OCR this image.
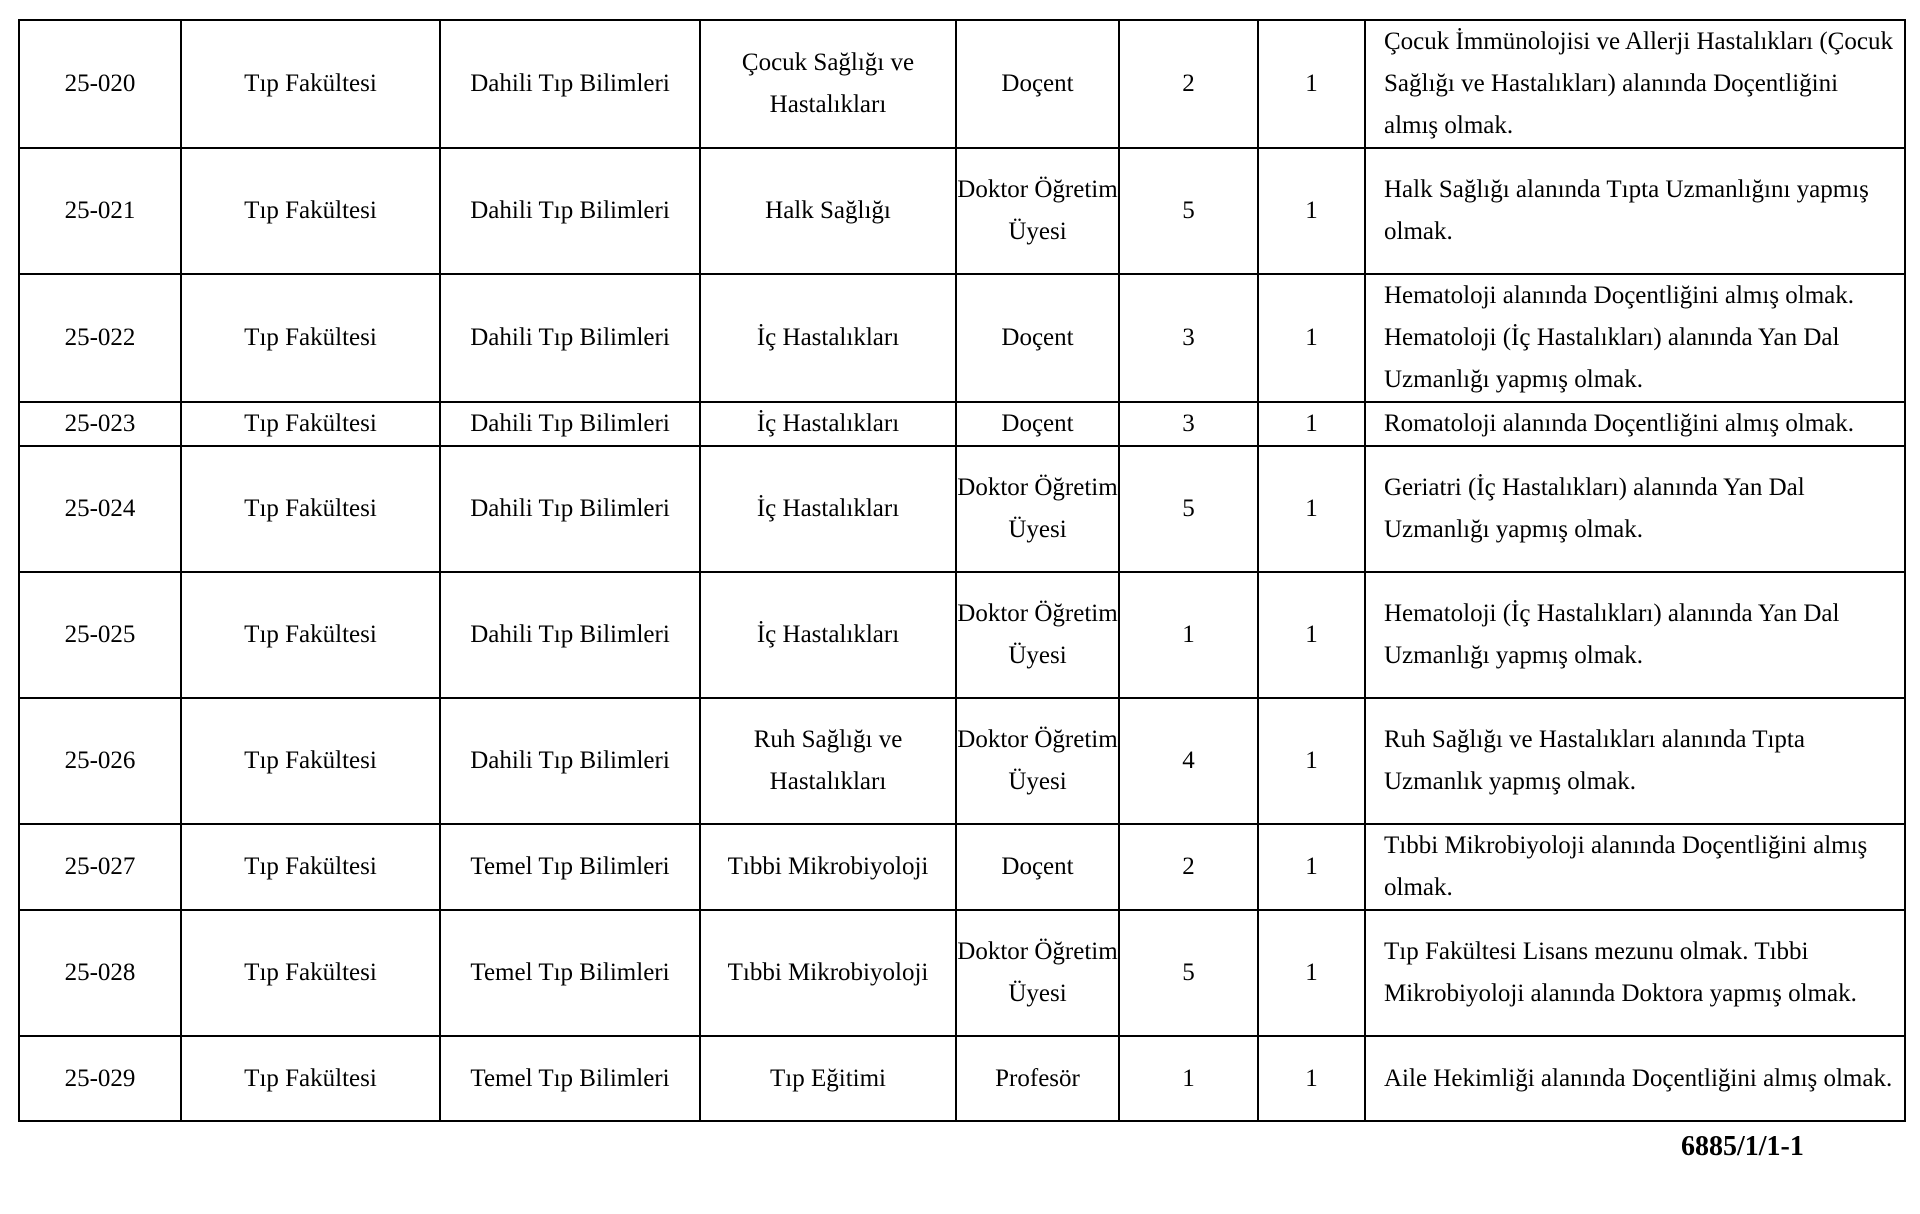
25-020	Tıp Fakültesi	Dahili Tıp Bilimleri	Çocuk Sağlığı ve Hastalıkları	Doçent	2	1	Çocuk İmmünolojisi ve Allerji Hastalıkları (Çocuk Sağlığı ve Hastalıkları) alanında Doçentliğini almış olmak.
25-021	Tıp Fakültesi	Dahili Tıp Bilimleri	Halk Sağlığı	Doktor Öğretim Üyesi	5	1	Halk Sağlığı alanında Tıpta Uzmanlığını yapmış olmak.
25-022	Tıp Fakültesi	Dahili Tıp Bilimleri	İç Hastalıkları	Doçent	3	1	Hematoloji alanında Doçentliğini almış olmak. Hematoloji (İç Hastalıkları) alanında Yan Dal Uzmanlığı yapmış olmak.
25-023	Tıp Fakültesi	Dahili Tıp Bilimleri	İç Hastalıkları	Doçent	3	1	Romatoloji alanında Doçentliğini almış olmak.
25-024	Tıp Fakültesi	Dahili Tıp Bilimleri	İç Hastalıkları	Doktor Öğretim Üyesi	5	1	Geriatri (İç Hastalıkları) alanında Yan Dal Uzmanlığı yapmış olmak.
25-025	Tıp Fakültesi	Dahili Tıp Bilimleri	İç Hastalıkları	Doktor Öğretim Üyesi	1	1	Hematoloji (İç Hastalıkları) alanında Yan Dal Uzmanlığı yapmış olmak.
25-026	Tıp Fakültesi	Dahili Tıp Bilimleri	Ruh Sağlığı ve Hastalıkları	Doktor Öğretim Üyesi	4	1	Ruh Sağlığı ve Hastalıkları alanında Tıpta Uzmanlık yapmış olmak.
25-027	Tıp Fakültesi	Temel Tıp Bilimleri	Tıbbi Mikrobiyoloji	Doçent	2	1	Tıbbi Mikrobiyoloji alanında Doçentliğini almış olmak.
25-028	Tıp Fakültesi	Temel Tıp Bilimleri	Tıbbi Mikrobiyoloji	Doktor Öğretim Üyesi	5	1	Tıp Fakültesi Lisans mezunu olmak. Tıbbi Mikrobiyoloji alanında Doktora yapmış olmak.
25-029	Tıp Fakültesi	Temel Tıp Bilimleri	Tıp Eğitimi	Profesör	1	1	Aile Hekimliği alanında Doçentliğini almış olmak.
6885/1/1-1
